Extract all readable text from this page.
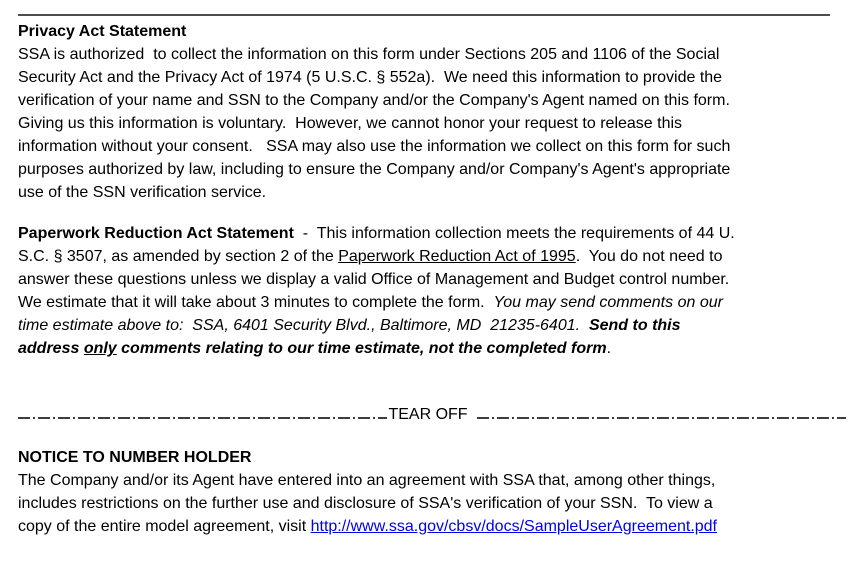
Privacy Act Statement
SSA is authorized  to collect the information on this form under Sections 205 and 1106 of the Social
Security Act and the Privacy Act of 1974 (5 U.S.C. § 552a).  We need this information to provide the
verification of your name and SSN to the Company and/or the Company's Agent named on this form.
Giving us this information is voluntary.  However, we cannot honor your request to release this
information without your consent.   SSA may also use the information we collect on this form for such
purposes authorized by law, including to ensure the Company and/or Company's Agent's appropriate
use of the SSN verification service.
Paperwork Reduction Act Statement  -  This information collection meets the requirements of 44 U.
S.C. § 3507, as amended by section 2 of the Paperwork Reduction Act of 1995.  You do not need to
answer these questions unless we display a valid Office of Management and Budget control number.
We estimate that it will take about 3 minutes to complete the form.  You may send comments on our
time estimate above to:  SSA, 6401 Security Blvd., Baltimore, MD  21235-6401. Send to this
address only comments relating to our time estimate, not the completed form.
TEAR OFF
NOTICE TO NUMBER HOLDER
The Company and/or its Agent have entered into an agreement with SSA that, among other things,
includes restrictions on the further use and disclosure of SSA's verification of your SSN.  To view a
copy of the entire model agreement, visit http://www.ssa.gov/cbsv/docs/SampleUserAgreement.pdf
